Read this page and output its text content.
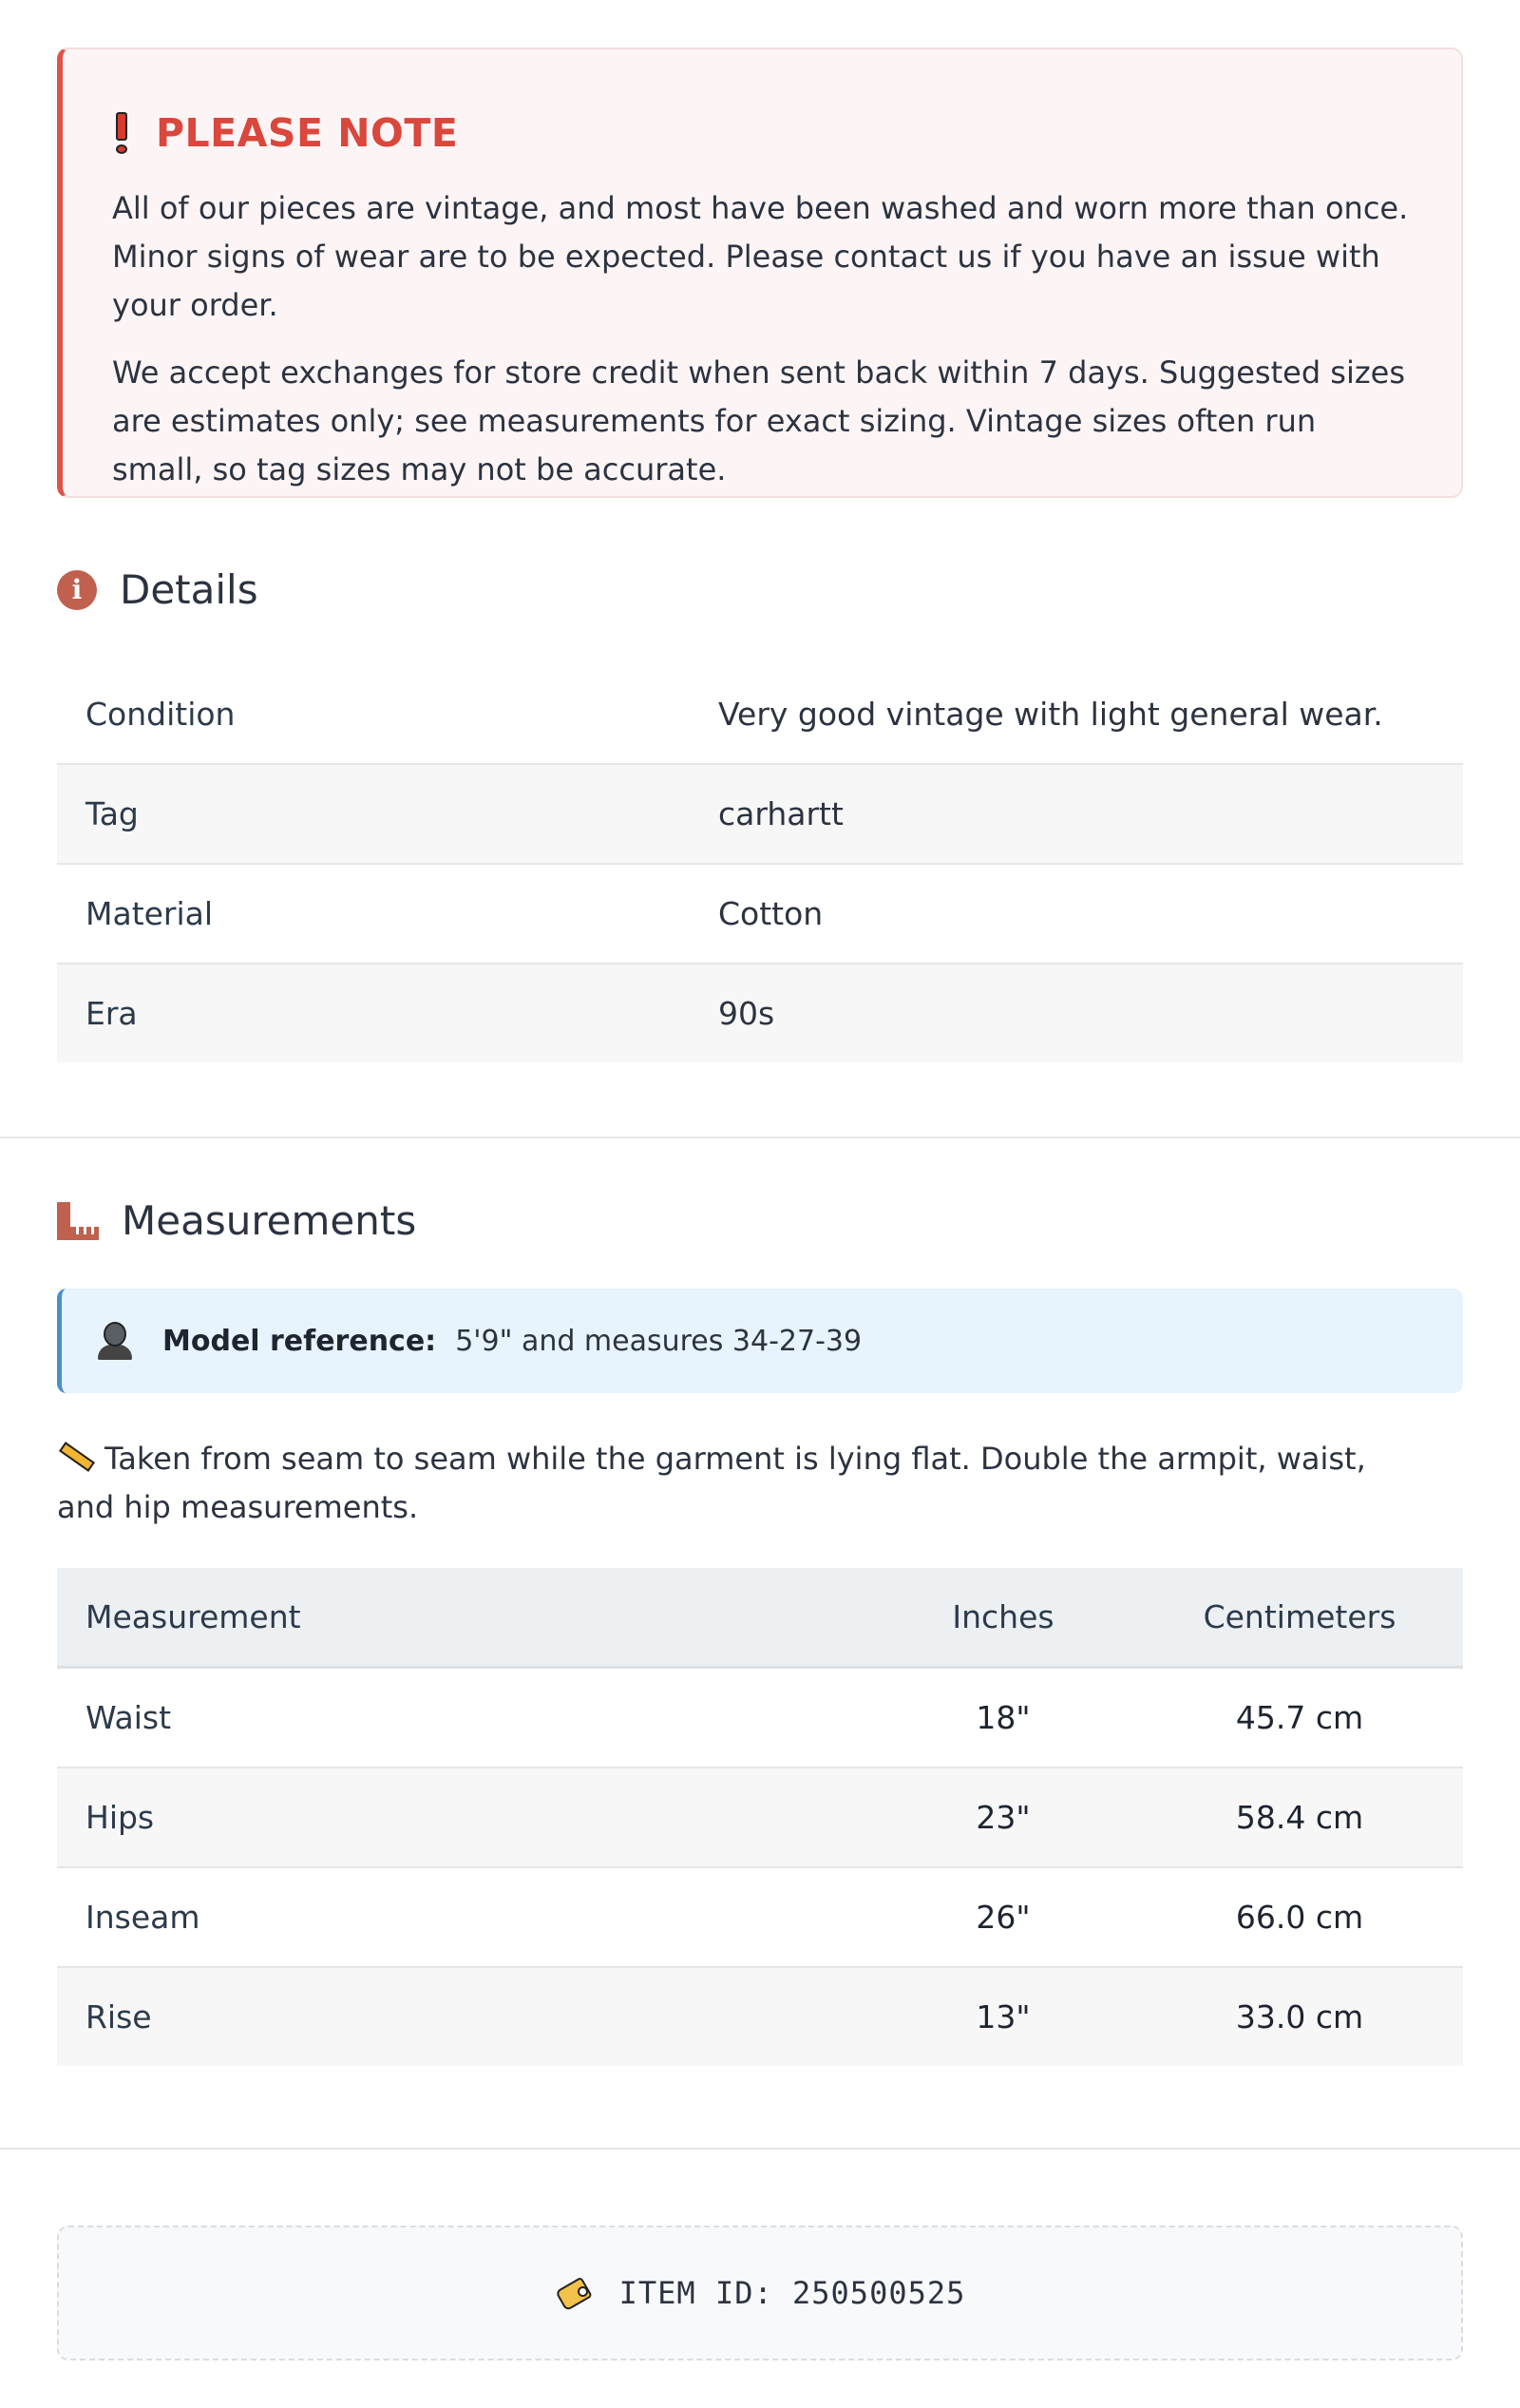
PLEASE NOTE

All of our pieces are vintage, and most have been washed and worn more than once. Minor signs of wear are to be expected. Please contact us if you have an issue with your order.

We accept exchanges for store credit when sent back within 7 days. Suggested sizes are estimates only; see measurements for exact sizing. Vintage sizes often run small, so tag sizes may not be accurate.

i Details
Condition	Very good vintage with light general wear.
Tag	carhartt
Material	Cotton
Era	90s
Measurements
Model reference: 5'9" and measures 34-27-39

Taken from seam to seam while the garment is lying flat. Double the armpit, waist, and hip measurements.

Measurement	Inches	Centimeters
Waist	18"	45.7 cm
Hips	23"	58.4 cm
Inseam	26"	66.0 cm
Rise	13"	33.0 cm
ITEM ID: 250500525
